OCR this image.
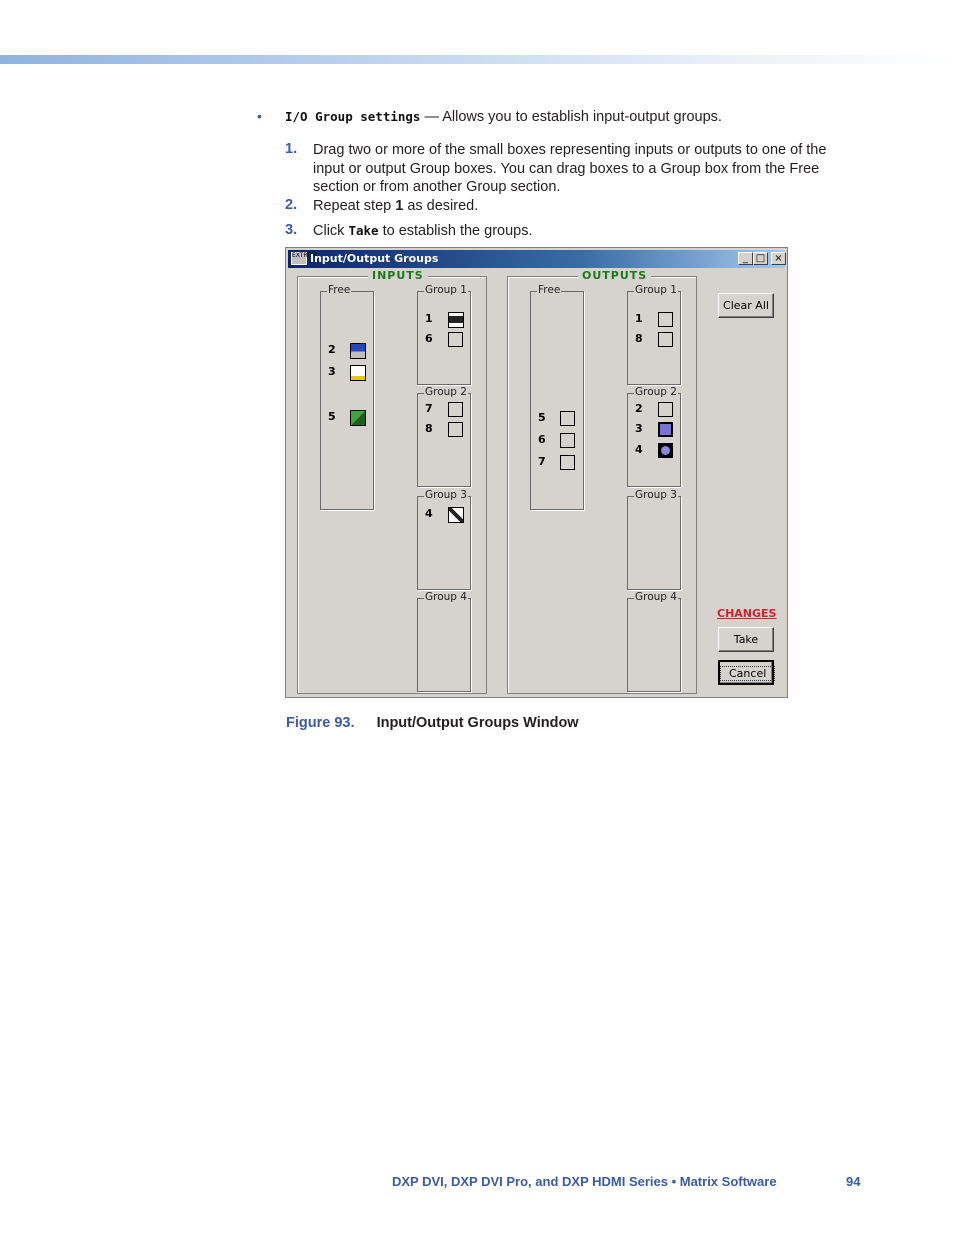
• I/O Group settings — Allows you to establish input-output groups.
1. Drag two or more of the small boxes representing inputs or outputs to one of the
input or output Group boxes. You can drag boxes to a Group box from the Free
section or from another Group section.
2. Repeat step 1 as desired.
3. Click Take to establish the groups.
EXTRON
Input/Output Groups	_ □ ×
INPUTS
Free
2
3
5
Group 1
1
6
Group 2
7
8
Group 3
4
Group 4
OUTPUTS
Free
5
6
7
Group 1
1
8
Group 2
2
3
4
Group 3
Group 4
Clear All
CHANGES
Take
Cancel
Figure 93. Input/Output Groups Window
DXP DVI, DXP DVI Pro, and DXP HDMI Series • Matrix Software	94
